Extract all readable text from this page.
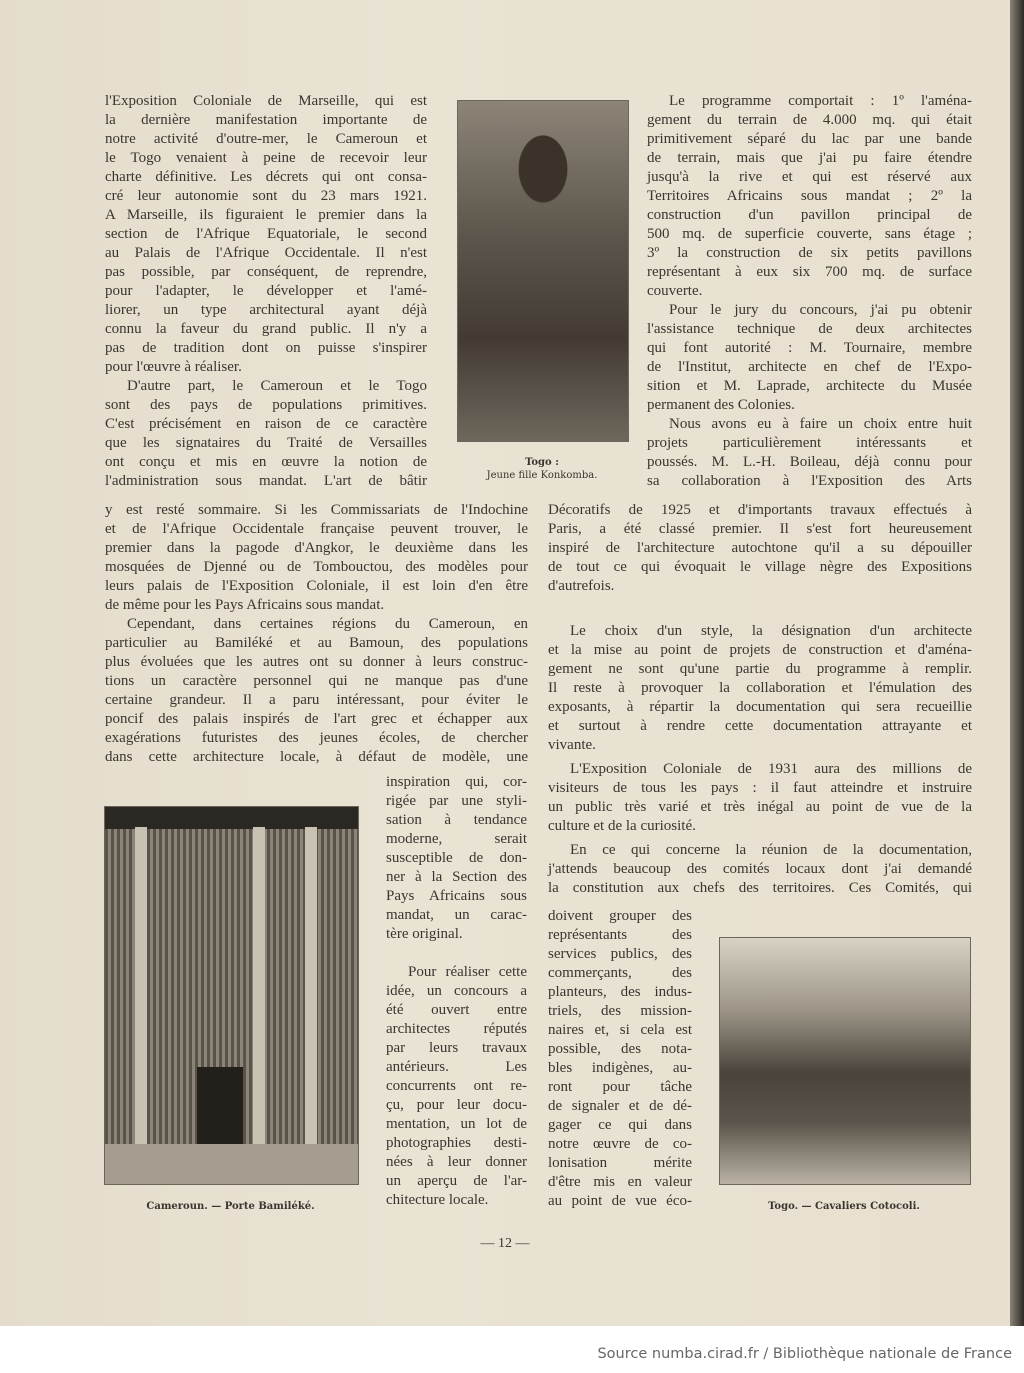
l'Exposition Coloniale de Marseille, qui est
la dernière manifestation importante de
notre activité d'outre-mer, le Cameroun et
le Togo venaient à peine de recevoir leur
charte définitive. Les décrets qui ont consa-
cré leur autonomie sont du 23 mars 1921.
A Marseille, ils figuraient le premier dans la
section de l'Afrique Equatoriale, le second
au Palais de l'Afrique Occidentale. Il n'est
pas possible, par conséquent, de reprendre,
pour l'adapter, le développer et l'amé-
liorer, un type architectural ayant déjà
connu la faveur du grand public. Il n'y a
pas de tradition dont on puisse s'inspirer
pour l'œuvre à réaliser.
D'autre part, le Cameroun et le Togo
sont des pays de populations primitives.
C'est précisément en raison de ce caractère
que les signataires du Traité de Versailles
ont conçu et mis en œuvre la notion de
l'administration sous mandat. L'art de bâtir
y est resté sommaire. Si les Commissariats de l'Indochine
et de l'Afrique Occidentale française peuvent trouver, le
premier dans la pagode d'Angkor, le deuxième dans les
mosquées de Djenné ou de Tombouctou, des modèles pour
leurs palais de l'Exposition Coloniale, il est loin d'en être
de même pour les Pays Africains sous mandat.
Cependant, dans certaines régions du Cameroun, en
particulier au Bamiléké et au Bamoun, des populations
plus évoluées que les autres ont su donner à leurs construc-
tions un caractère personnel qui ne manque pas d'une
certaine grandeur. Il a paru intéressant, pour éviter le
poncif des palais inspirés de l'art grec et échapper aux
exagérations futuristes des jeunes écoles, de chercher
dans cette architecture locale, à défaut de modèle, une
inspiration qui, cor-
rigée par une styli-
sation à tendance
moderne, serait
susceptible de don-
ner à la Section des
Pays Africains sous
mandat, un carac-
tère original.
Pour réaliser cette
idée, un concours a
été ouvert entre
architectes réputés
par leurs travaux
antérieurs. Les
concurrents ont re-
çu, pour leur docu-
mentation, un lot de
photographies desti-
nées à leur donner
un aperçu de l'ar-
chitecture locale.
Le programme comportait : 1º l'aména-
gement du terrain de 4.000 mq. qui était
primitivement séparé du lac par une bande
de terrain, mais que j'ai pu faire étendre
jusqu'à la rive et qui est réservé aux
Territoires Africains sous mandat ; 2º la
construction d'un pavillon principal de
500 mq. de superficie couverte, sans étage ;
3º la construction de six petits pavillons
représentant à eux six 700 mq. de surface
couverte.
Pour le jury du concours, j'ai pu obtenir
l'assistance technique de deux architectes
qui font autorité : M. Tournaire, membre
de l'Institut, architecte en chef de l'Expo-
sition et M. Laprade, architecte du Musée
permanent des Colonies.
Nous avons eu à faire un choix entre huit
projets particulièrement intéressants et
poussés. M. L.-H. Boileau, déjà connu pour
sa collaboration à l'Exposition des Arts
Décoratifs de 1925 et d'importants travaux effectués à
Paris, a été classé premier. Il s'est fort heureusement
inspiré de l'architecture autochtone qu'il a su dépouiller
de tout ce qui évoquait le village nègre des Expositions
d'autrefois.
Le choix d'un style, la désignation d'un architecte
et la mise au point de projets de construction et d'aména-
gement ne sont qu'une partie du programme à remplir.
Il reste à provoquer la collaboration et l'émulation des
exposants, à répartir la documentation qui sera recueillie
et surtout à rendre cette documentation attrayante et
vivante.
L'Exposition Coloniale de 1931 aura des millions de
visiteurs de tous les pays : il faut atteindre et instruire
un public très varié et très inégal au point de vue de la
culture et de la curiosité.
En ce qui concerne la réunion de la documentation,
j'attends beaucoup des comités locaux dont j'ai demandé
la constitution aux chefs des territoires. Ces Comités, qui
doivent grouper des
représentants des
services publics, des
commerçants, des
planteurs, des indus-
triels, des mission-
naires et, si cela est
possible, des nota-
bles indigènes, au-
ront pour tâche
de signaler et de dé-
gager ce qui dans
notre œuvre de co-
lonisation mérite
d'être mis en valeur
au point de vue éco-
Togo :
Jeune fille Konkomba.
Cameroun. — Porte Bamiléké.	Togo. — Cavaliers Cotocoli.
— 12 —
Source numba.cirad.fr / Bibliothèque nationale de France
